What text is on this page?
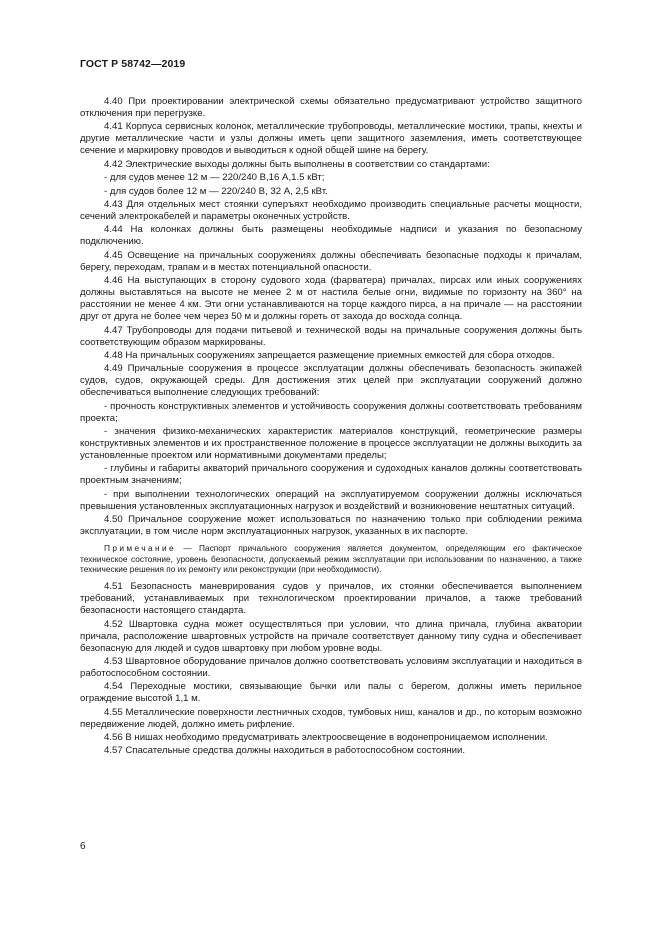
ГОСТ Р 58742—2019

4.40 При проектировании электрической схемы обязательно предусматривают устройство защитного отключения при перегрузке.

4.41 Корпуса сервисных колонок, металлические трубопроводы, металлические мостики, трапы, кнехты и другие металлические части и узлы должны иметь цепи защитного заземления, иметь соответствующее сечение и маркировку проводов и выводиться к одной общей шине на берегу.

4.42 Электрические выходы должны быть выполнены в соответствии со стандартами:

- для судов менее 12 м — 220/240 В,16 А,1.5 кВт;

- для судов более 12 м — 220/240 В, 32 А, 2,5 кВт.

4.43 Для отдельных мест стоянки суперъяхт необходимо производить специальные расчеты мощности, сечений электрокабелей и параметры оконечных устройств.

4.44 На колонках должны быть размещены необходимые надписи и указания по безопасному подключению.

4.45 Освещение на причальных сооружениях должны обеспечивать безопасные подходы к причалам, берегу, переходам, трапам и в местах потенциальной опасности.

4.46 На выступающих в сторону судового хода (фарватера) причалах, пирсах или иных сооружениях должны выставляться на высоте не менее 2 м от настила белые огни, видимые по горизонту на 360° на расстоянии не менее 4 км. Эти огни устанавливаются на торце каждого пирса, а на причале — на расстоянии друг от друга не более чем через 50 м и должны гореть от захода до восхода солнца.

4.47 Трубопроводы для подачи питьевой и технической воды на причальные сооружения должны быть соответствующим образом маркированы.

4.48 На причальных сооружениях запрещается размещение приемных емкостей для сбора отходов.

4.49 Причальные сооружения в процессе эксплуатации должны обеспечивать безопасность экипажей судов, судов, окружающей среды. Для достижения этих целей при эксплуатации сооружений должно обеспечиваться выполнение следующих требований:

- прочность конструктивных элементов и устойчивость сооружения должны соответствовать требованиям проекта;

- значения физико-механических характеристик материалов конструкций, геометрические размеры конструктивных элементов и их пространственное положение в процессе эксплуатации не должны выходить за установленные проектом или нормативными документами пределы;

- глубины и габариты акваторий причального сооружения и судоходных каналов должны соответствовать проектным значениям;

- при выполнении технологических операций на эксплуатируемом сооружении должны исключаться превышения установленных эксплуатационных нагрузок и воздействий и возникновение нештатных ситуаций.

4.50 Причальное сооружение может использоваться по назначению только при соблюдении режима эксплуатации, в том числе норм эксплуатационных нагрузок, указанных в их паспорте.

Примечание — Паспорт причального сооружения является документом, определяющим его фактическое техническое состояние, уровень безопасности, допускаемый режим эксплуатации при использовании по назначению, а также технические решения по их ремонту или реконструкции (при необходимости).

4.51 Безопасность маневрирования судов у причалов, их стоянки обеспечивается выполнением требований, устанавливаемых при технологическом проектировании причалов, а также требований безопасности настоящего стандарта.

4.52 Швартовка судна может осуществляться при условии, что длина причала, глубина акватории причала, расположение швартовных устройств на причале соответствует данному типу судна и обеспечивает безопасную для людей и судов швартовку при любом уровне воды.

4.53 Швартовное оборудование причалов должно соответствовать условиям эксплуатации и находиться в работоспособном состоянии.

4.54 Переходные мостики, связывающие бычки или палы с берегом, должны иметь перильное ограждение высотой 1,1 м.

4.55 Металлические поверхности лестничных сходов, тумбовых ниш, каналов и др., по которым возможно передвижение людей, должно иметь рифление.

4.56 В нишах необходимо предусматривать электроосвещение в водонепроницаемом исполнении.

4.57 Спасательные средства должны находиться в работоспособном состоянии.

6
